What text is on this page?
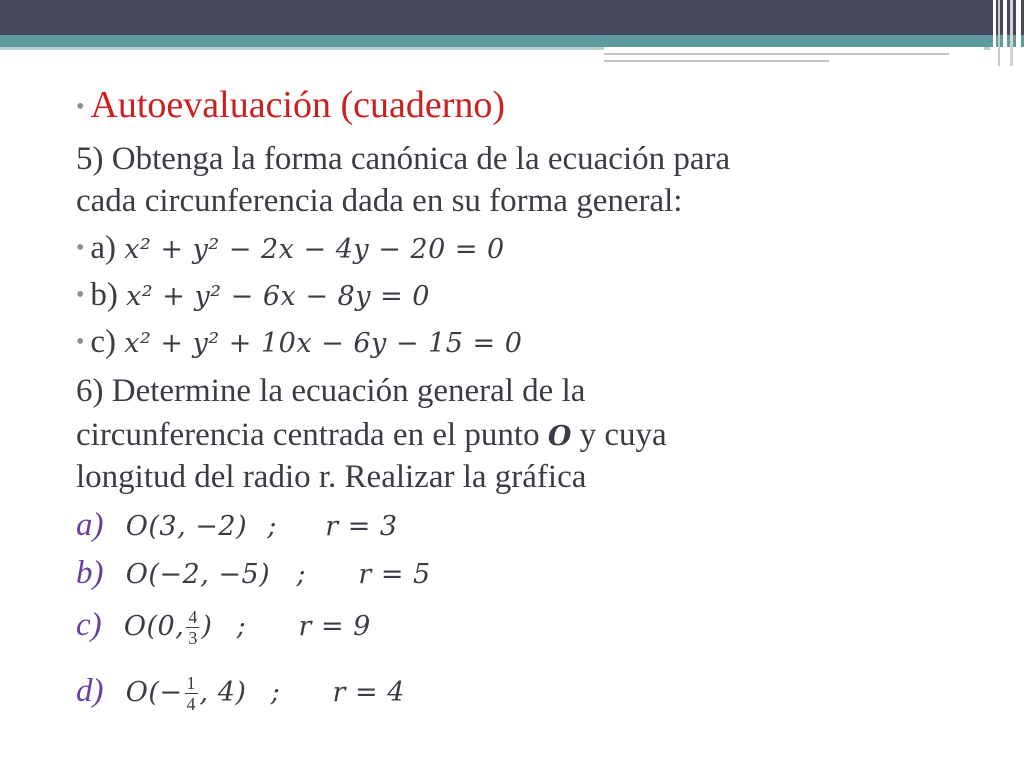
• Autoevaluación (cuaderno)
5) Obtenga la forma canónica de la ecuación para
cada circunferencia dada en su forma general:
• a) x² + y² − 2x − 4y − 20 = 0
• b) x² + y² − 6x − 8y = 0
• c) x² + y² + 10x − 6y − 15 = 0
6) Determine la ecuación general de la
circunferencia centrada en el punto O y cuya
longitud del radio r. Realizar la gráfica
a) O(3, −2) ; r = 3
b) O(−2, −5) ; r = 5
c) O(0, $\frac{4}{3}$ ) ; r = 9
d) $O(- \frac{1}{4}$ , 4) ; r = 4
